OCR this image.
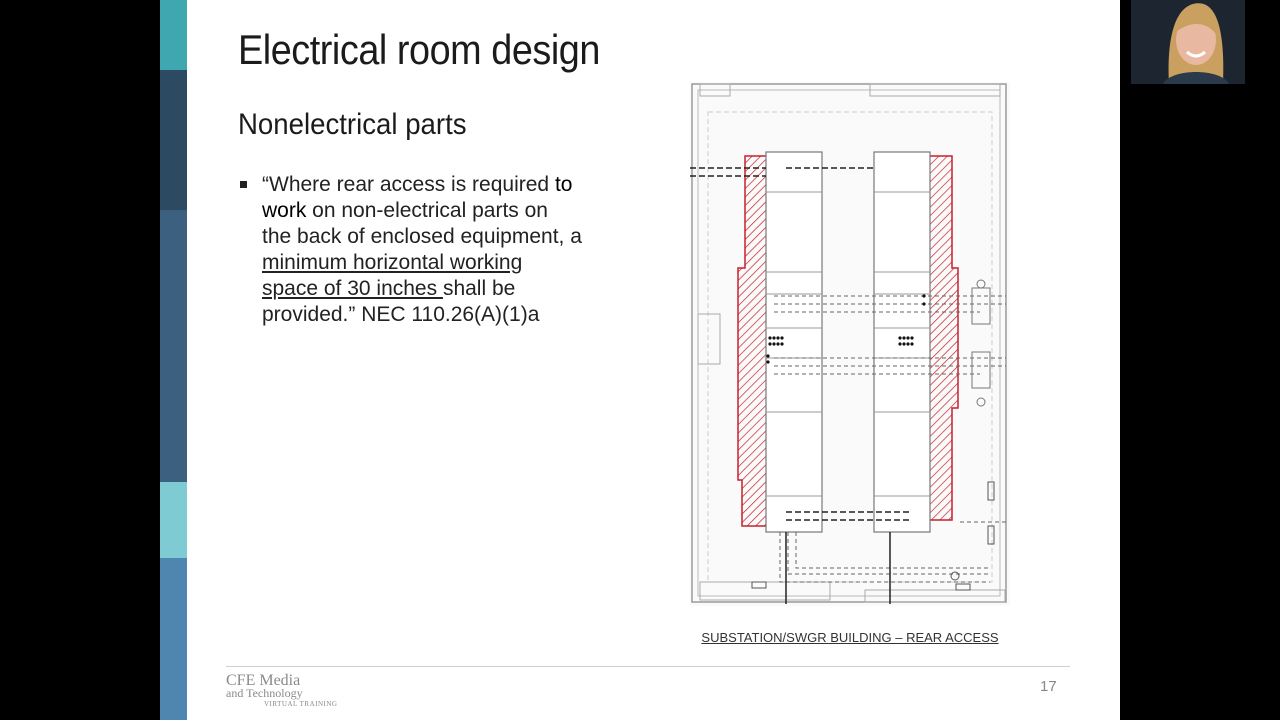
Electrical room design
Nonelectrical parts
“Where rear access is required to work on non-electrical parts on the back of enclosed equipment, a minimum horizontal working space of 30 inches shall be provided.” NEC 110.26(A)(1)a
SUBSTATION/SWGR BUILDING – REAR ACCESS
CFE Media
and Technology
VIRTUAL TRAINING
17
